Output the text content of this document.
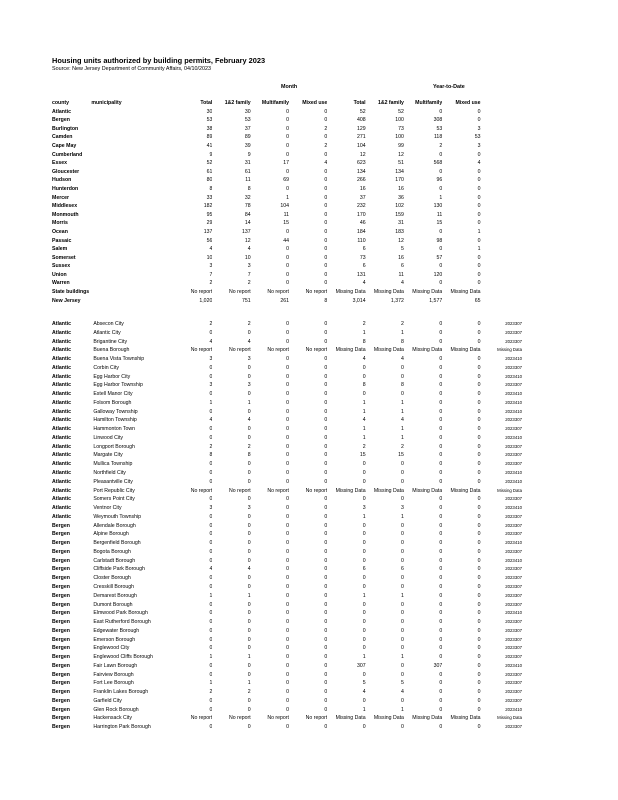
Housing units authorized by building permits, February 2023
Source: New Jersey Department of Community Affairs, 04/10/2023
Month	Year-to-Date
county	municipality	Total	1&2 family	Multifamily	Mixed use	Total	1&2 family	Multifamily	Mixed use	
Atlantic		30	30	0	0	52	52	0	0	
Bergen		53	53	0	0	408	100	308	0	
Burlington		38	37	0	2	129	73	53	3	
Camden		89	89	0	0	271	100	118	53	
Cape May		41	39	0	2	104	99	2	3	
Cumberland		9	9	0	0	12	12	0	0	
Essex		52	31	17	4	623	51	568	4	
Gloucester		61	61	0	0	134	134	0	0	
Hudson		80	11	69	0	266	170	96	0	
Hunterdon		8	8	0	0	16	16	0	0	
Mercer		33	32	1	0	37	36	1	0	
Middlesex		182	78	104	0	232	102	130	0	
Monmouth		95	84	11	0	170	159	11	0	
Morris		29	14	15	0	46	31	15	0	
Ocean		137	137	0	0	184	183	0	1	
Passaic		56	12	44	0	110	12	98	0	
Salem		4	4	0	0	6	5	0	1	
Somerset		10	10	0	0	73	16	57	0	
Sussex		3	3	0	0	6	6	0	0	
Union		7	7	0	0	131	11	120	0	
Warren		2	2	0	0	4	4	0	0	
State buildings		No report	No report	No report	No report	Missing Data	Missing Data	Missing Data	Missing Data	
New Jersey		1,020	751	261	8	3,014	1,372	1,577	65	
Atlantic	Absecon City	2	2	0	0	2	2	0	0	2023307
Atlantic	Atlantic City	0	0	0	0	1	1	0	0	2023307
Atlantic	Brigantine City	4	4	0	0	8	8	0	0	2023307
Atlantic	Buena Borough	No report	No report	No report	No report	Missing Data	Missing Data	Missing Data	Missing Data	Missing Data
Atlantic	Buena Vista Township	3	3	0	0	4	4	0	0	2023410
Atlantic	Corbin City	0	0	0	0	0	0	0	0	2023307
Atlantic	Egg Harbor City	0	0	0	0	0	0	0	0	2023410
Atlantic	Egg Harbor Township	3	3	0	0	8	8	0	0	2023307
Atlantic	Estell Manor City	0	0	0	0	0	0	0	0	2023410
Atlantic	Folsom Borough	1	1	0	0	1	1	0	0	2023410
Atlantic	Galloway Township	0	0	0	0	1	1	0	0	2023410
Atlantic	Hamilton Township	4	4	0	0	4	4	0	0	2023307
Atlantic	Hammonton Town	0	0	0	0	1	1	0	0	2023307
Atlantic	Linwood City	0	0	0	0	1	1	0	0	2023410
Atlantic	Longport Borough	2	2	0	0	2	2	0	0	2023307
Atlantic	Margate City	8	8	0	0	15	15	0	0	2023307
Atlantic	Mullica Township	0	0	0	0	0	0	0	0	2023307
Atlantic	Northfield City	0	0	0	0	0	0	0	0	2023410
Atlantic	Pleasantville City	0	0	0	0	0	0	0	0	2023410
Atlantic	Port Republic City	No report	No report	No report	No report	Missing Data	Missing Data	Missing Data	Missing Data	Missing Data
Atlantic	Somers Point City	0	0	0	0	0	0	0	0	2023307
Atlantic	Ventnor City	3	3	0	0	3	3	0	0	2023410
Atlantic	Weymouth Township	0	0	0	0	1	1	0	0	2023307
Bergen	Allendale Borough	0	0	0	0	0	0	0	0	2023307
Bergen	Alpine Borough	0	0	0	0	0	0	0	0	2023307
Bergen	Bergenfield Borough	0	0	0	0	0	0	0	0	2023410
Bergen	Bogota Borough	0	0	0	0	0	0	0	0	2023307
Bergen	Carlstadt Borough	0	0	0	0	0	0	0	0	2023410
Bergen	Cliffside Park Borough	4	4	0	0	6	6	0	0	2023307
Bergen	Closter Borough	0	0	0	0	0	0	0	0	2023307
Bergen	Cresskill Borough	0	0	0	0	0	0	0	0	2023307
Bergen	Demarest Borough	1	1	0	0	1	1	0	0	2023307
Bergen	Dumont Borough	0	0	0	0	0	0	0	0	2023307
Bergen	Elmwood Park Borough	0	0	0	0	0	0	0	0	2023410
Bergen	East Rutherford Borough	0	0	0	0	0	0	0	0	2023307
Bergen	Edgewater Borough	0	0	0	0	0	0	0	0	2023307
Bergen	Emerson Borough	0	0	0	0	0	0	0	0	2023307
Bergen	Englewood City	0	0	0	0	0	0	0	0	2023307
Bergen	Englewood Cliffs Borough	1	1	0	0	1	1	0	0	2023307
Bergen	Fair Lawn Borough	0	0	0	0	307	0	307	0	2023410
Bergen	Fairview Borough	0	0	0	0	0	0	0	0	2023307
Bergen	Fort Lee Borough	1	1	0	0	5	5	0	0	2023307
Bergen	Franklin Lakes Borough	2	2	0	0	4	4	0	0	2023307
Bergen	Garfield City	0	0	0	0	0	0	0	0	2023307
Bergen	Glen Rock Borough	0	0	0	0	1	1	0	0	2023410
Bergen	Hackensack City	No report	No report	No report	No report	Missing Data	Missing Data	Missing Data	Missing Data	Missing Data
Bergen	Harrington Park Borough	0	0	0	0	0	0	0	0	2023307
